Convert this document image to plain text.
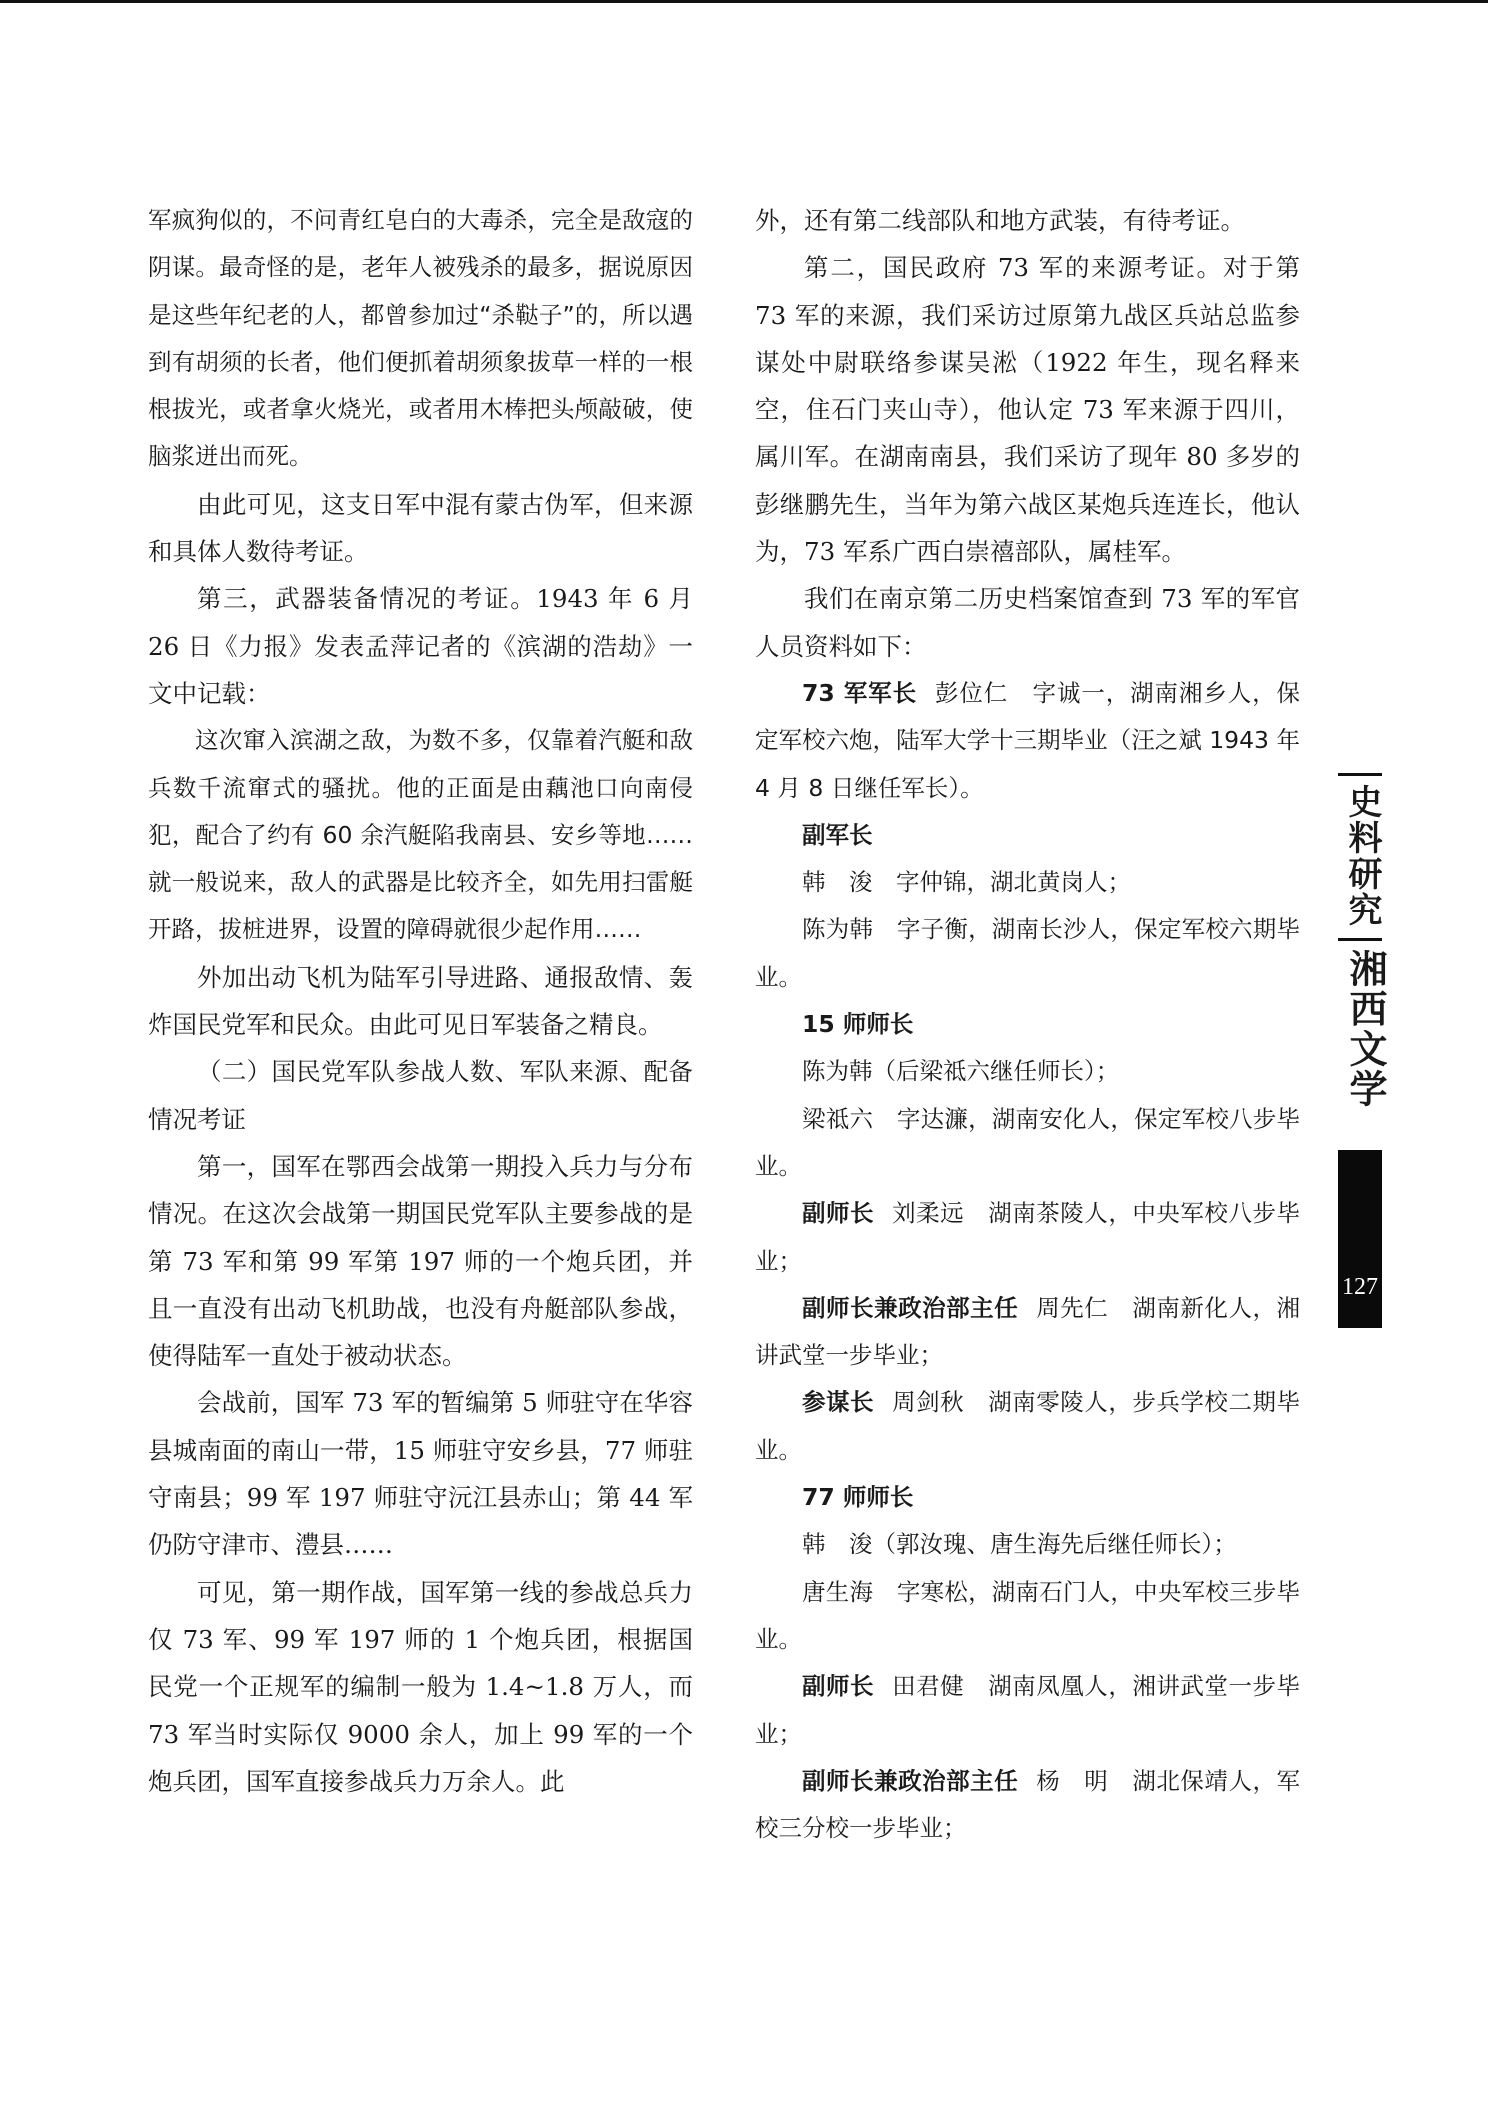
军疯狗似的，不问青红皂白的大毒杀，完全是敌寇的阴谋。最奇怪的是，老年人被残杀的最多，据说原因是这些年纪老的人，都曾参加过“杀鞑子”的，所以遇到有胡须的长者，他们便抓着胡须象拔草一样的一根根拔光，或者拿火烧光，或者用木棒把头颅敲破，使脑浆迸出而死。

由此可见，这支日军中混有蒙古伪军，但来源和具体人数待考证。

第三，武器装备情况的考证。1943 年 6 月 26 日《力报》发表孟萍记者的《滨湖的浩劫》一文中记载：

这次窜入滨湖之敌，为数不多，仅靠着汽艇和敌兵数千流窜式的骚扰。他的正面是由藕池口向南侵犯，配合了约有 60 余汽艇陷我南县、安乡等地……就一般说来，敌人的武器是比较齐全，如先用扫雷艇开路，拔桩进界，设置的障碍就很少起作用……

外加出动飞机为陆军引导进路、通报敌情、轰炸国民党军和民众。由此可见日军装备之精良。

（二）国民党军队参战人数、军队来源、配备情况考证

第一，国军在鄂西会战第一期投入兵力与分布情况。在这次会战第一期国民党军队主要参战的是第 73 军和第 99 军第 197 师的一个炮兵团，并且一直没有出动飞机助战，也没有舟艇部队参战，使得陆军一直处于被动状态。

会战前，国军 73 军的暂编第 5 师驻守在华容县城南面的南山一带，15 师驻守安乡县，77 师驻守南县；99 军 197 师驻守沅江县赤山；第 44 军仍防守津市、澧县……

可见，第一期作战，国军第一线的参战总兵力仅 73 军、99 军 197 师的 1 个炮兵团，根据国民党一个正规军的编制一般为 1.4~1.8 万人，而 73 军当时实际仅 9000 余人，加上 99 军的一个炮兵团，国军直接参战兵力万余人。此

外，还有第二线部队和地方武装，有待考证。

第二，国民政府 73 军的来源考证。对于第 73 军的来源，我们采访过原第九战区兵站总监参谋处中尉联络参谋吴淞（1922 年生，现名释来空，住石门夹山寺），他认定 73 军来源于四川，属川军。在湖南南县，我们采访了现年 80 多岁的彭继鹏先生，当年为第六战区某炮兵连连长，他认为，73 军系广西白崇禧部队，属桂军。

我们在南京第二历史档案馆查到 73 军的军官人员资料如下：

73 军军长 彭位仁　字诚一，湖南湘乡人，保定军校六炮，陆军大学十三期毕业（汪之斌 1943 年 4 月 8 日继任军长）。

副军长

韩　浚　字仲锦，湖北黄岗人；

陈为韩　字子衡，湖南长沙人，保定军校六期毕业。

15 师师长

陈为韩（后梁祗六继任师长）；

梁祗六　字达濂，湖南安化人，保定军校八步毕业。

副师长 刘柔远　湖南茶陵人，中央军校八步毕业；

副师长兼政治部主任 周先仁　湖南新化人，湘讲武堂一步毕业；

参谋长 周剑秋　湖南零陵人，步兵学校二期毕业。

77 师师长

韩　浚（郭汝瑰、唐生海先后继任师长）；

唐生海　字寒松，湖南石门人，中央军校三步毕业。

副师长 田君健　湖南凤凰人，湘讲武堂一步毕业；

副师长兼政治部主任 杨　明　湖北保靖人，军校三分校一步毕业；

史料研究
湘西文学
127
